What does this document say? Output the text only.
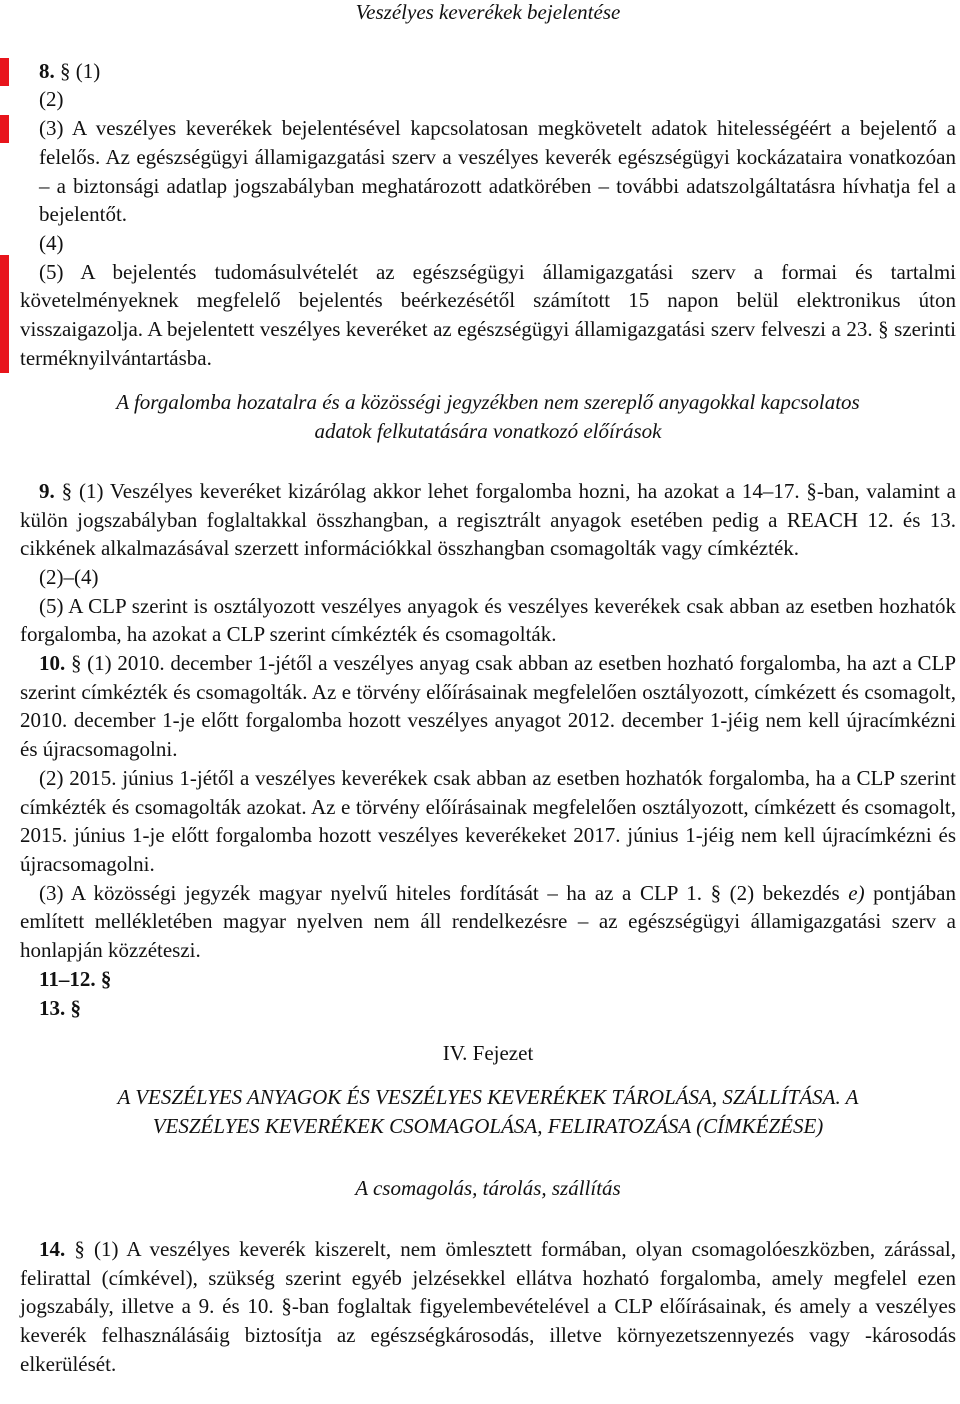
Veszélyes keverékek bejelentése

8. § (1)

(2)

(3) A veszélyes keverékek bejelentésével kapcsolatosan megkövetelt adatok hitelességéért a bejelentő a felelős. Az egészségügyi államigazgatási szerv a veszélyes keverék egészségügyi kockázataira vonatkozóan – a biztonsági adatlap jogszabályban meghatározott adatkörében – további adatszolgáltatásra hívhatja fel a bejelentőt.

(4)

(5) A bejelentés tudomásulvételét az egészségügyi államigazgatási szerv a formai és tartalmi követelményeknek megfelelő bejelentés beérkezésétől számított 15 napon belül elektronikus úton visszaigazolja. A bejelentett veszélyes keveréket az egészségügyi államigazgatási szerv felveszi a 23. § szerinti terméknyilvántartásba.

A forgalomba hozatalra és a közösségi jegyzékben nem szereplő anyagokkal kapcsolatos

adatok felkutatására vonatkozó előírások

9. § (1) Veszélyes keveréket kizárólag akkor lehet forgalomba hozni, ha azokat a 14–17. §-ban, valamint a külön jogszabályban foglaltakkal összhangban, a regisztrált anyagok esetében pedig a REACH 12. és 13. cikkének alkalmazásával szerzett információkkal összhangban csomagolták vagy címkézték.

(2)–(4)

(5) A CLP szerint is osztályozott veszélyes anyagok és veszélyes keverékek csak abban az esetben hozhatók forgalomba, ha azokat a CLP szerint címkézték és csomagolták.

10. § (1) 2010. december 1-jétől a veszélyes anyag csak abban az esetben hozható forgalomba, ha azt a CLP szerint címkézték és csomagolták. Az e törvény előírásainak megfelelően osztályozott, címkézett és csomagolt, 2010. december 1-je előtt forgalomba hozott veszélyes anyagot 2012. december 1-jéig nem kell újracímkézni és újracsomagolni.

(2) 2015. június 1-jétől a veszélyes keverékek csak abban az esetben hozhatók forgalomba, ha a CLP szerint címkézték és csomagolták azokat. Az e törvény előírásainak megfelelően osztályozott, címkézett és csomagolt, 2015. június 1-je előtt forgalomba hozott veszélyes keverékeket 2017. június 1-jéig nem kell újracímkézni és újracsomagolni.

(3) A közösségi jegyzék magyar nyelvű hiteles fordítását – ha az a CLP 1. § (2) bekezdés e) pontjában említett mellékletében magyar nyelven nem áll rendelkezésre – az egészségügyi államigazgatási szerv a honlapján közzéteszi.

11–12. §

13. §

IV. Fejezet

A VESZÉLYES ANYAGOK ÉS VESZÉLYES KEVERÉKEK TÁROLÁSA, SZÁLLÍTÁSA. A

VESZÉLYES KEVERÉKEK CSOMAGOLÁSA, FELIRATOZÁSA (CÍMKÉZÉSE)

A csomagolás, tárolás, szállítás

14. § (1) A veszélyes keverék kiszerelt, nem ömlesztett formában, olyan csomagolóeszközben, zárással, felirattal (címkével), szükség szerint egyéb jelzésekkel ellátva hozható forgalomba, amely megfelel ezen jogszabály, illetve a 9. és 10. §-ban foglaltak figyelembevételével a CLP előírásainak, és amely a veszélyes keverék felhasználásáig biztosítja az egészségkárosodás, illetve környezetszennyezés vagy -károsodás elkerülését.
